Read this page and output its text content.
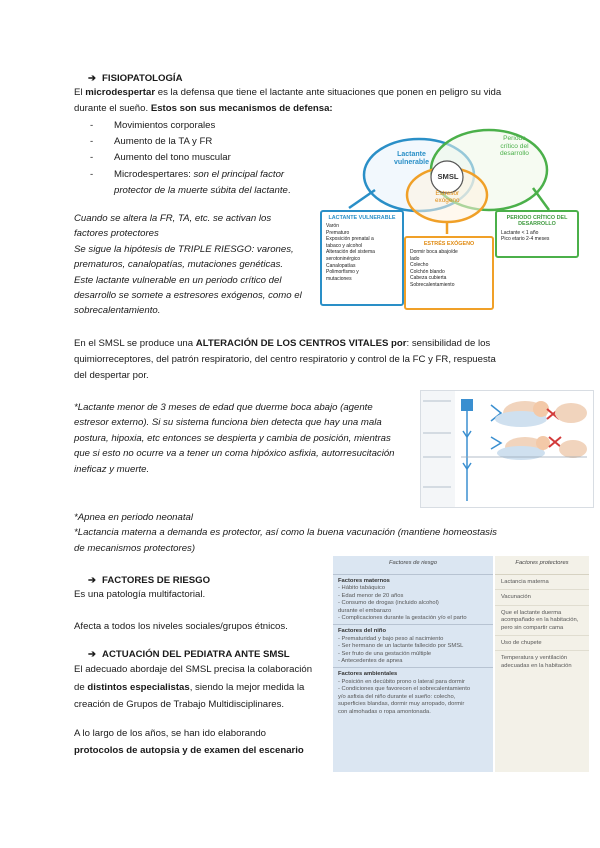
➔ FISIOPATOLOGÍA
El microdespertar es la defensa que tiene el lactante ante situaciones que ponen en peligro su vida
durante el sueño. Estos son sus mecanismos de defensa:
- Movimientos corporales
- Aumento de la TA y FR
- Aumento del tono muscular
- Microdespertares: son el principal factor
protector de la muerte súbita del lactante.
Cuando se altera la FR, TA, etc. se activan los
factores protectores
Se sigue la hipótesis de TRIPLE RIESGO: varones,
prematuros, canalopatías, mutaciones genéticas.
Este lactante vulnerable en un periodo crítico del
desarrollo se somete a estresores exógenos, como el
sobrecalentamiento.
Lactante
vulnerable
Periodo
crítico del
desarrollo
SMSL
Estresor
exógeno
LACTANTE VULNERABLE
Varón
Prematuro
Exposición prenatal a
tabaco y alcohol
Alteración del sistema
serotoninérgico
Canalopatías
Polimorfismo y
mutaciones
ESTRÉS EXÓGENO
Dormir boca abajo/de
lado
Colecho
Colchón blando
Cabeza cubierta
Sobrecalentamiento
PERIODO CRÍTICO DEL
DESARROLLO
Lactante < 1 año
Pico etario 2-4 meses
En el SMSL se produce una ALTERACIÓN DE LOS CENTROS VITALES por: sensibilidad de los
quimiorreceptores, del patrón respiratorio, del centro respiratorio y control de la FC y FR, respuesta
del despertar por.
*Lactante menor de 3 meses de edad que duerme boca abajo (agente
estresor externo). Si su sistema funciona bien detecta que hay una mala
postura, hipoxia, etc entonces se despierta y cambia de posición, mientras
que si esto no ocurre va a tener un coma hipóxico asfixia, autorresucitación
ineficaz y muerte.
*Apnea en periodo neonatal
*Lactancia materna a demanda es protector, así como la buena vacunación (mantiene homeostasis
de mecanismos protectores)
➔ FACTORES DE RIESGO
Es una patología multifactorial.
Afecta a todos los niveles sociales/grupos étnicos.
➔ ACTUACIÓN DEL PEDIATRA ANTE SMSL
El adecuado abordaje del SMSL precisa la colaboración
de distintos especialistas, siendo la mejor medida la
creación de Grupos de Trabajo Multidisciplinares.
A lo largo de los años, se han ido elaborando
protocolos de autopsia y de examen del escenario
Factores de riesgo
Factores maternos
- Hábito tabáquico
- Edad menor de 20 años
- Consumo de drogas (incluido alcohol)
durante el embarazo
- Complicaciones durante la gestación y/o el parto
Factores del niño
- Prematuridad y bajo peso al nacimiento
- Ser hermano de un lactante fallecido por SMSL
- Ser fruto de una gestación múltiple
- Antecedentes de apnea
Factores ambientales
- Posición en decúbito prono o lateral para dormir
- Condiciones que favorecen el sobrecalentamiento
y/o asfixia del niño durante el sueño: colecho,
superficies blandas, dormir muy arropado, dormir
con almohadas o ropa amontonada.
Factores protectores
Lactancia materna
Vacunación
Que el lactante duerma acompañado en la habitación, pero sin compartir cama
Uso de chupete
Temperatura y ventilación adecuadas en la habitación
